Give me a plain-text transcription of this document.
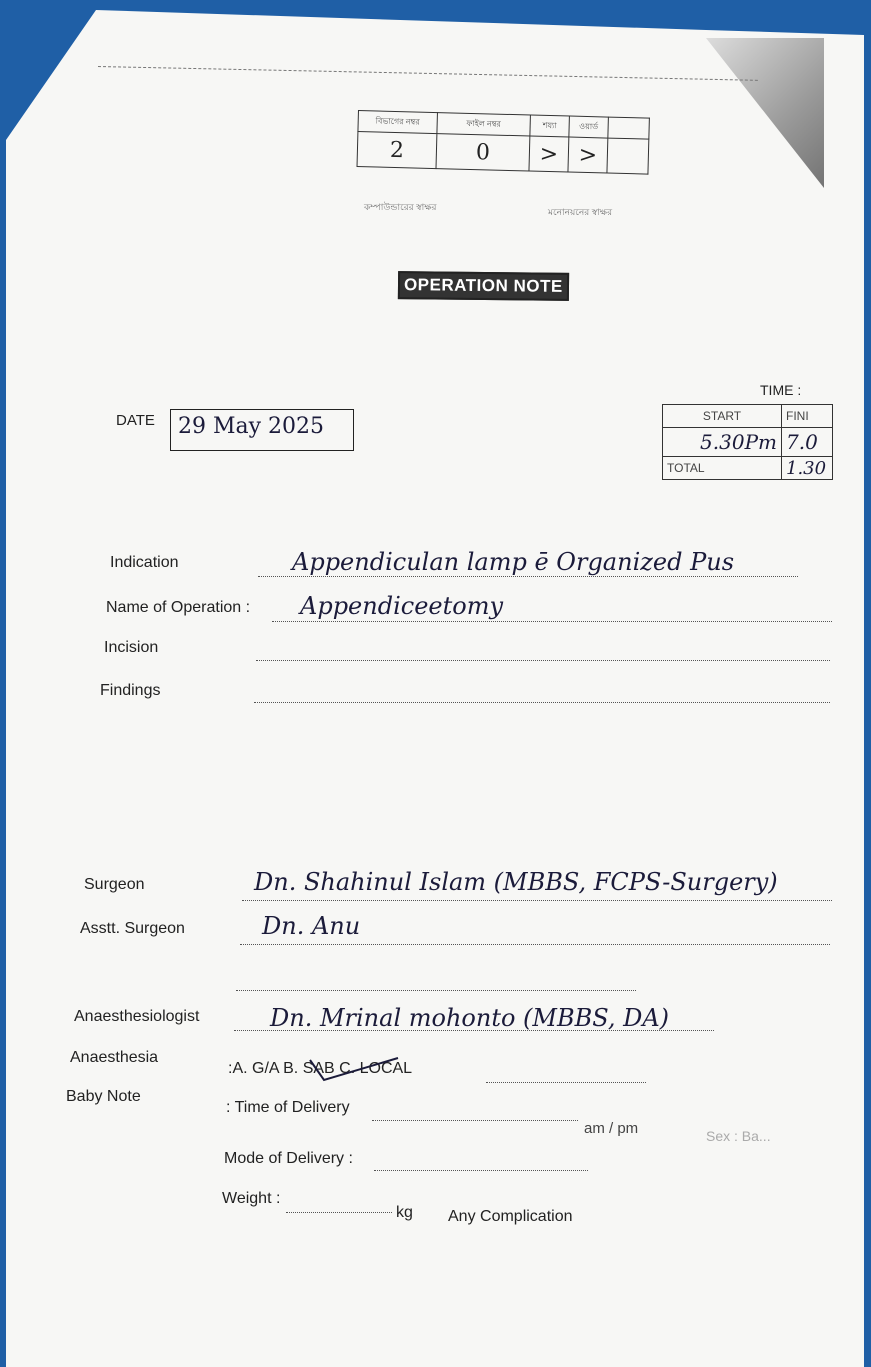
বিভাগের নম্বর	ফাইল নম্বর	শয্যা	ওয়ার্ড	
2	0	>	>	
কম্পাউন্ডারের স্বাক্ষর	মনোনয়নের স্বাক্ষর
OPERATION NOTE
TIME :
START	FINI
5.30Pm	7.0
TOTAL	1.30
DATE 29 May 2025
Indication	Appendiculan lamp ē Organized Pus
Name of Operation : Appendiceetomy
Incision
Findings
Surgeon	Dn. Shahinul Islam (MBBS, FCPS-Surgery)
Asstt. Surgeon	Dn. Anu
Anaesthesiologist	Dn. Mrinal mohonto (MBBS, DA)
Anaesthesia
:A. G/A B. SAB C. LOCAL
Baby Note
: Time of Delivery
am / pm	Sex : Ba...
Mode of Delivery :
Weight :
kg Any Complication
